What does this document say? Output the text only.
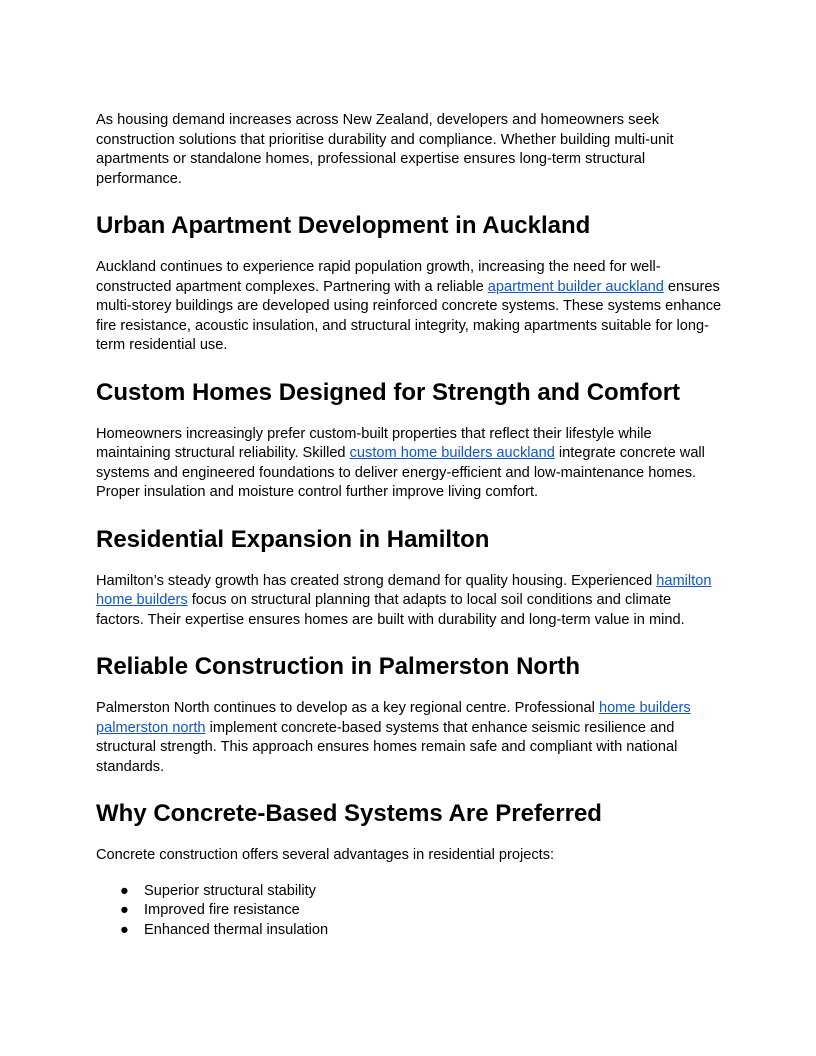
As housing demand increases across New Zealand, developers and homeowners seek construction solutions that prioritise durability and compliance. Whether building multi-unit apartments or standalone homes, professional expertise ensures long-term structural performance.

Urban Apartment Development in Auckland

Auckland continues to experience rapid population growth, increasing the need for well-constructed apartment complexes. Partnering with a reliable apartment builder auckland ensures multi-storey buildings are developed using reinforced concrete systems. These systems enhance fire resistance, acoustic insulation, and structural integrity, making apartments suitable for long-term residential use.

Custom Homes Designed for Strength and Comfort

Homeowners increasingly prefer custom-built properties that reflect their lifestyle while maintaining structural reliability. Skilled custom home builders auckland integrate concrete wall systems and engineered foundations to deliver energy-efficient and low-maintenance homes. Proper insulation and moisture control further improve living comfort.

Residential Expansion in Hamilton

Hamilton’s steady growth has created strong demand for quality housing. Experienced hamilton home builders focus on structural planning that adapts to local soil conditions and climate factors. Their expertise ensures homes are built with durability and long-term value in mind.

Reliable Construction in Palmerston North

Palmerston North continues to develop as a key regional centre. Professional home builders palmerston north implement concrete-based systems that enhance seismic resilience and structural strength. This approach ensures homes remain safe and compliant with national standards.

Why Concrete-Based Systems Are Preferred

Concrete construction offers several advantages in residential projects:

● Superior structural stability
● Improved fire resistance
● Enhanced thermal insulation
